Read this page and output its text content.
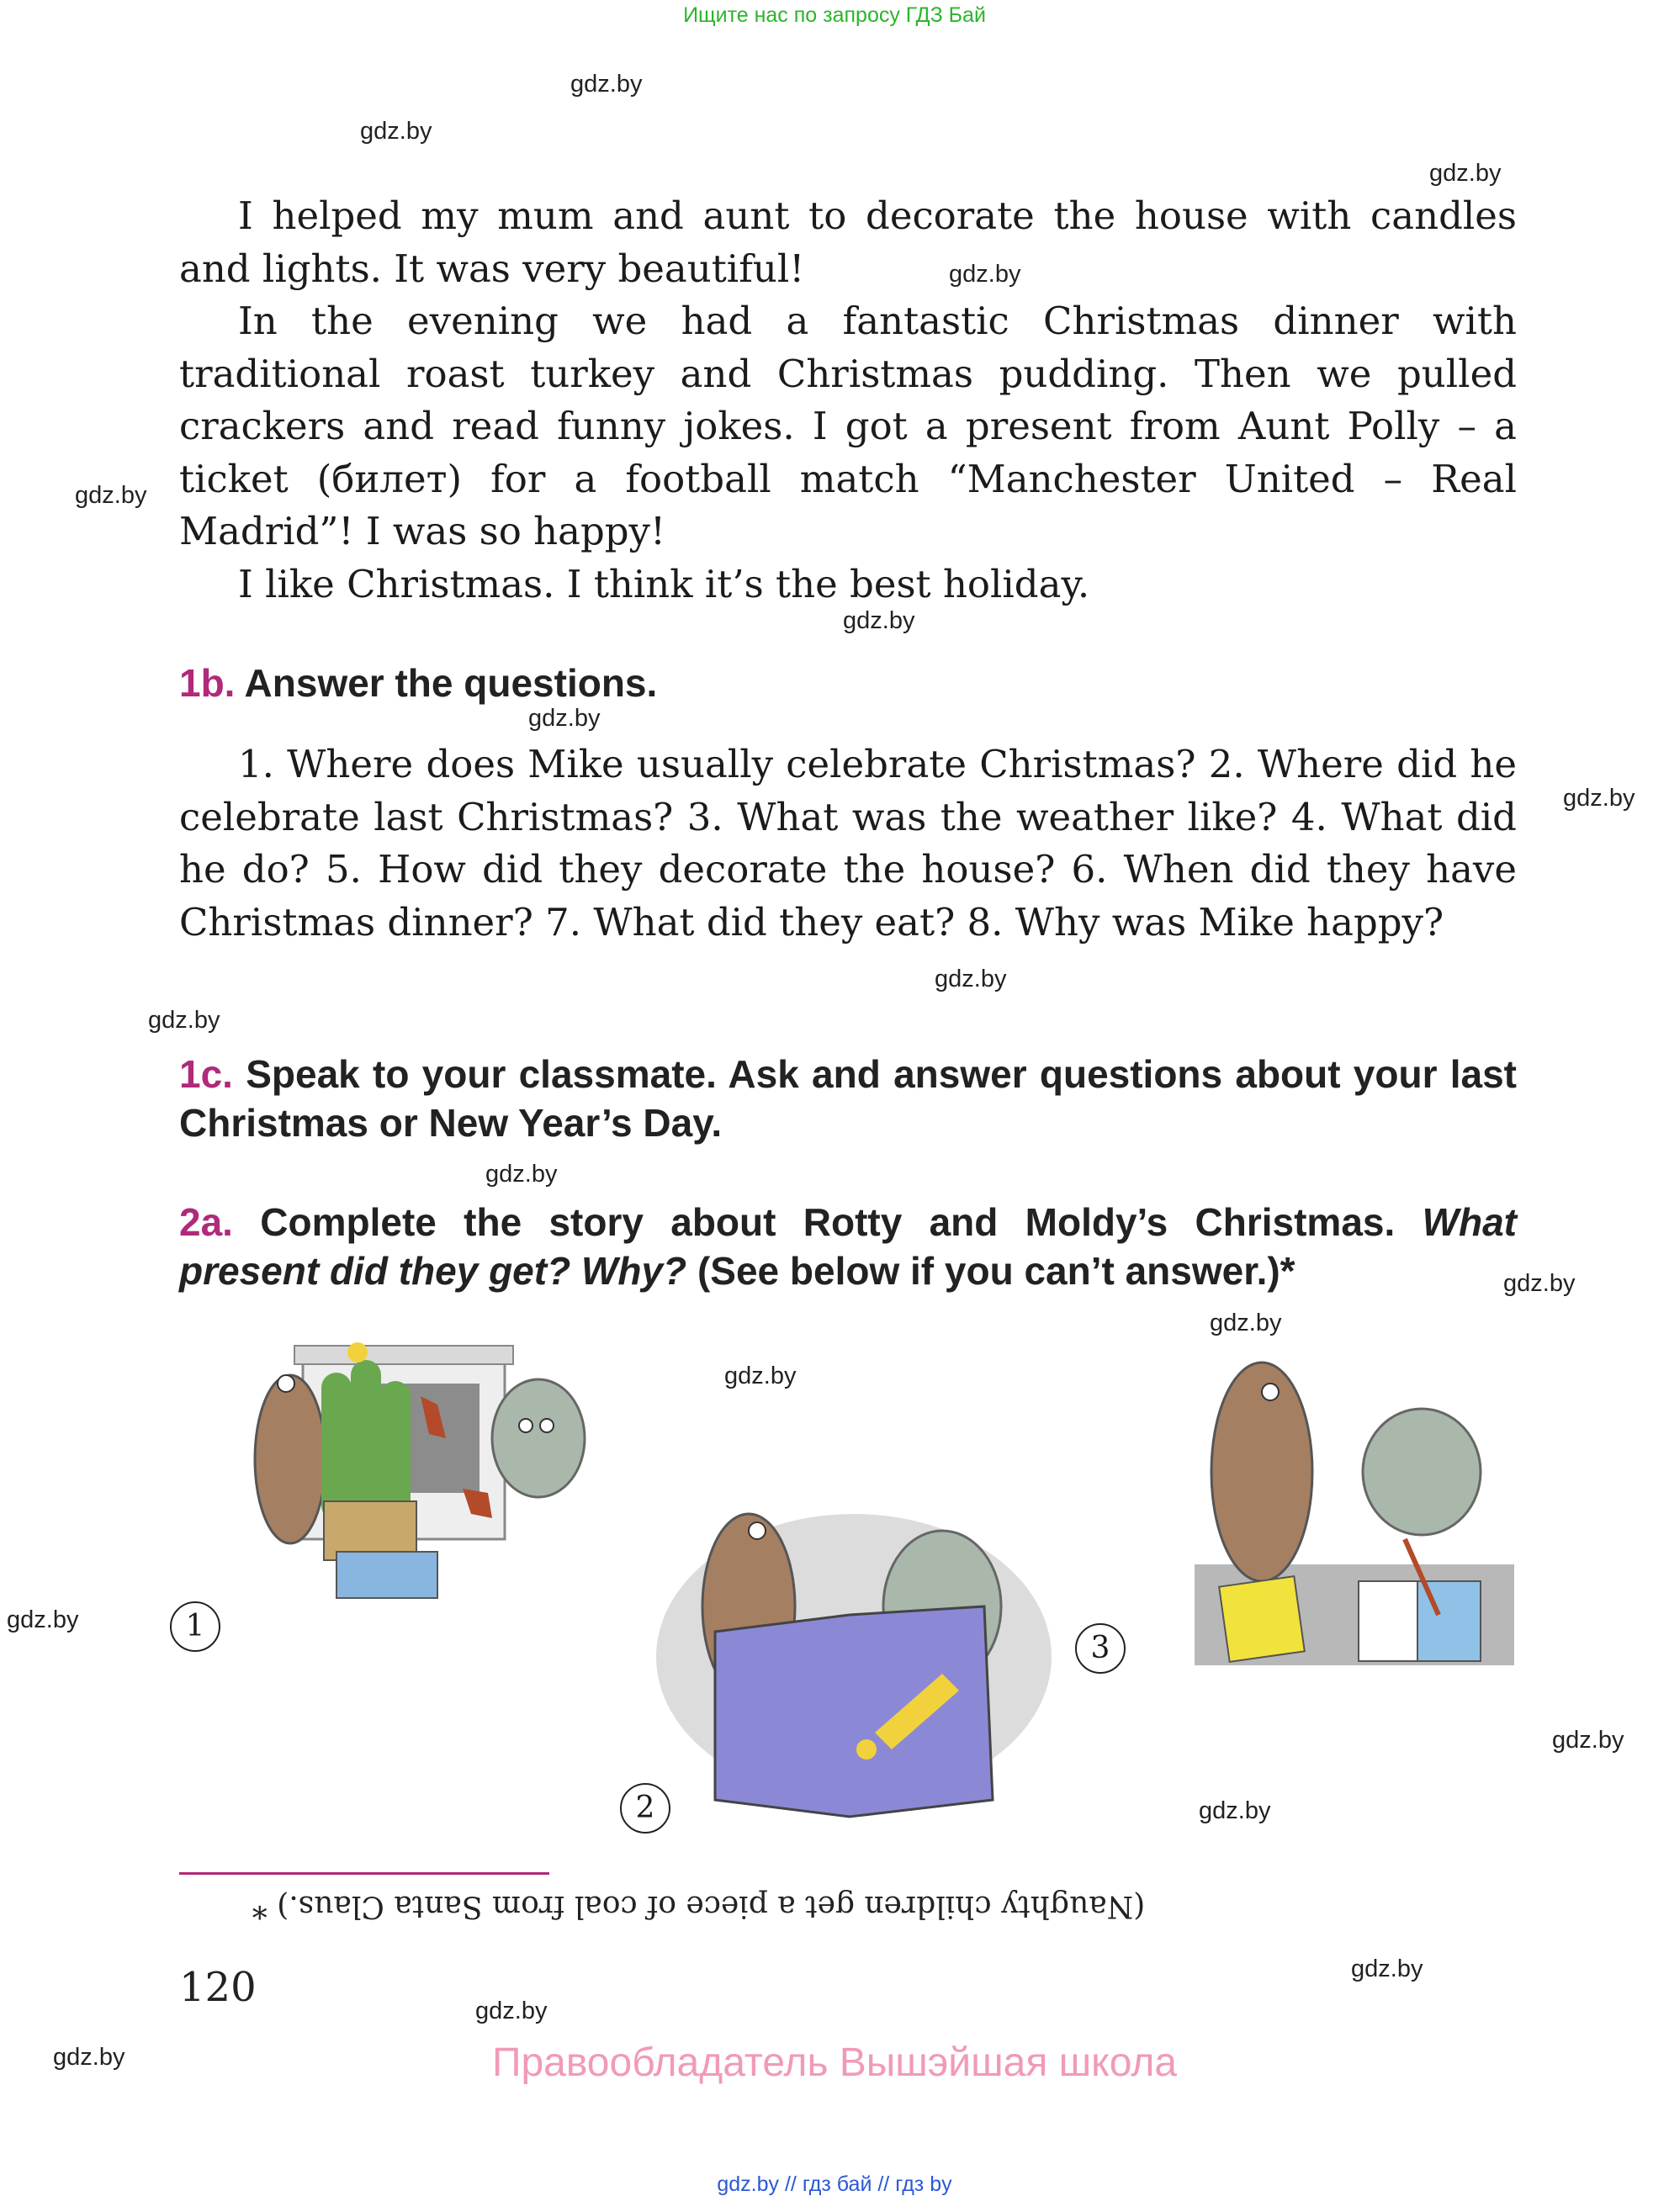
Ищите нас по запросу ГДЗ Бай
gdz.by
gdz.by
gdz.by
gdz.by
gdz.by
gdz.by
gdz.by
gdz.by
gdz.by
gdz.by
gdz.by
gdz.by
gdz.by
gdz.by
gdz.by
gdz.by
gdz.by
gdz.by
gdz.by
gdz.by

I helped my mum and aunt to decorate the house with candles and lights. It was very beautiful!

In the evening we had a fantastic Christmas dinner with traditional roast turkey and Christmas pudding. Then we pulled crackers and read funny jokes. I got a present from Aunt Polly – a ticket (билет) for a football match “Manchester United – Real Madrid”! I was so happy!

I like Christmas. I think it’s the best holiday.

1b. Answer the questions.

1. Where does Mike usually celebrate Christmas? 2. Where did he celebrate last Christmas? 3. What was the weather like? 4. What did he do? 5. How did they decorate the house? 6. When did they have Christmas dinner? 7. What did they eat? 8. Why was Mike happy?

1c. Speak to your classmate. Ask and answer questions about your last Christmas or New Year’s Day.
2a. Complete the story about Rotty and Moldy’s Christmas. What present did they get? Why? (See below if you can’t answer.)*
1
2
3
(Naughty children get a piece of coal from Santa Claus.) *
120
Правообладатель Вышэйшая школа
gdz.by // гдз бай // гдз by
